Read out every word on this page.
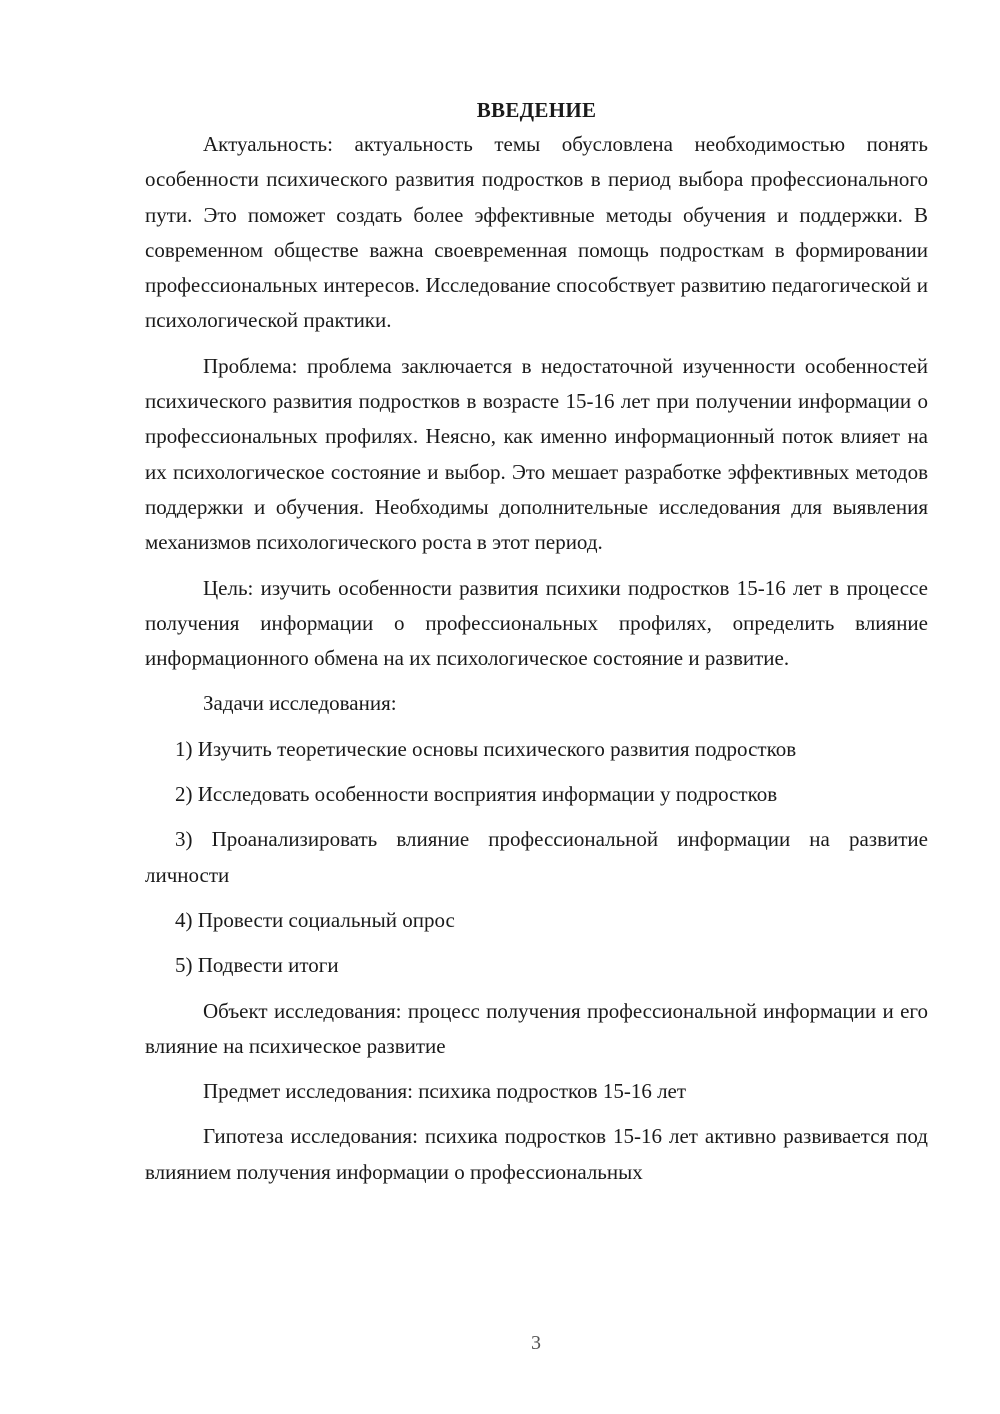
ВВЕДЕНИЕ

Актуальность: актуальность темы обусловлена необходимостью понять особенности психического развития подростков в период выбора профессионального пути. Это поможет создать более эффективные методы обучения и поддержки. В современном обществе важна своевременная помощь подросткам в формировании профессиональных интересов. Исследование способствует развитию педагогической и психологической практики.

Проблема: проблема заключается в недостаточной изученности особенностей психического развития подростков в возрасте 15-16 лет при получении информации о профессиональных профилях. Неясно, как именно информационный поток влияет на их психологическое состояние и выбор. Это мешает разработке эффективных методов поддержки и обучения. Необходимы дополнительные исследования для выявления механизмов психологического роста в этот период.

Цель: изучить особенности развития психики подростков 15-16 лет в процессе получения информации о профессиональных профилях, определить влияние информационного обмена на их психологическое состояние и развитие.

Задачи исследования:

1) Изучить теоретические основы психического развития подростков

2) Исследовать особенности восприятия информации у подростков

3) Проанализировать влияние профессиональной информации на развитие личности

4) Провести социальный опрос

5) Подвести итоги

Объект исследования: процесс получения профессиональной информации и его влияние на психическое развитие

Предмет исследования: психика подростков 15-16 лет

Гипотеза исследования: психика подростков 15-16 лет активно развивается под влиянием получения информации о профессиональных

3
